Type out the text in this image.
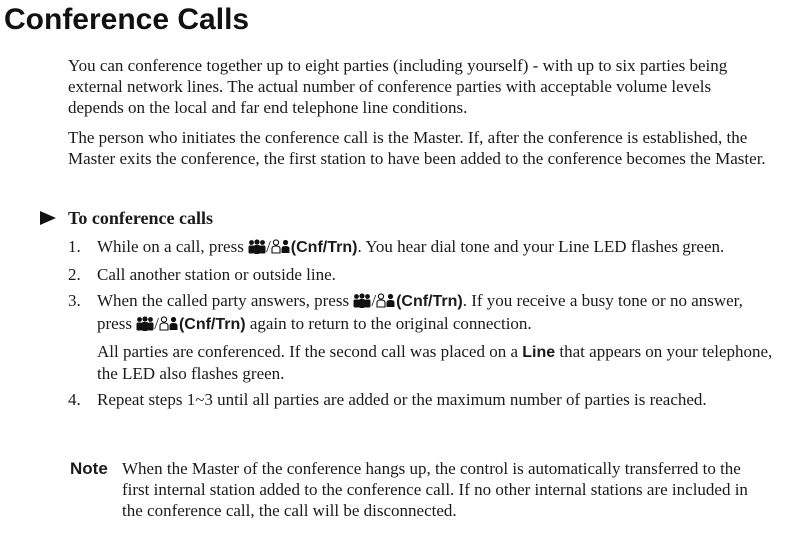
Conference Calls

You can conference together up to eight parties (including yourself) - with up to six parties being external network lines. The actual number of conference parties with acceptable volume levels depends on the local and far end telephone line conditions.

The person who initiates the conference call is the Master. If, after the conference is established, the Master exits the conference, the first station to have been added to the conference becomes the Master.

To conference calls
1. While on a call, press / (Cnf/Trn). You hear dial tone and your Line LED flashes green.
2. Call another station or outside line.
3. When the called party answers, press / (Cnf/Trn). If you receive a busy tone or no answer, press / (Cnf/Trn) again to return to the original connection.
All parties are conferenced. If the second call was placed on a Line that appears on your telephone, the LED also flashes green.
4. Repeat steps 1~3 until all parties are added or the maximum number of parties is reached.
Note When the Master of the conference hangs up, the control is automatically transferred to the first internal station added to the conference call. If no other internal stations are included in the conference call, the call will be disconnected.
